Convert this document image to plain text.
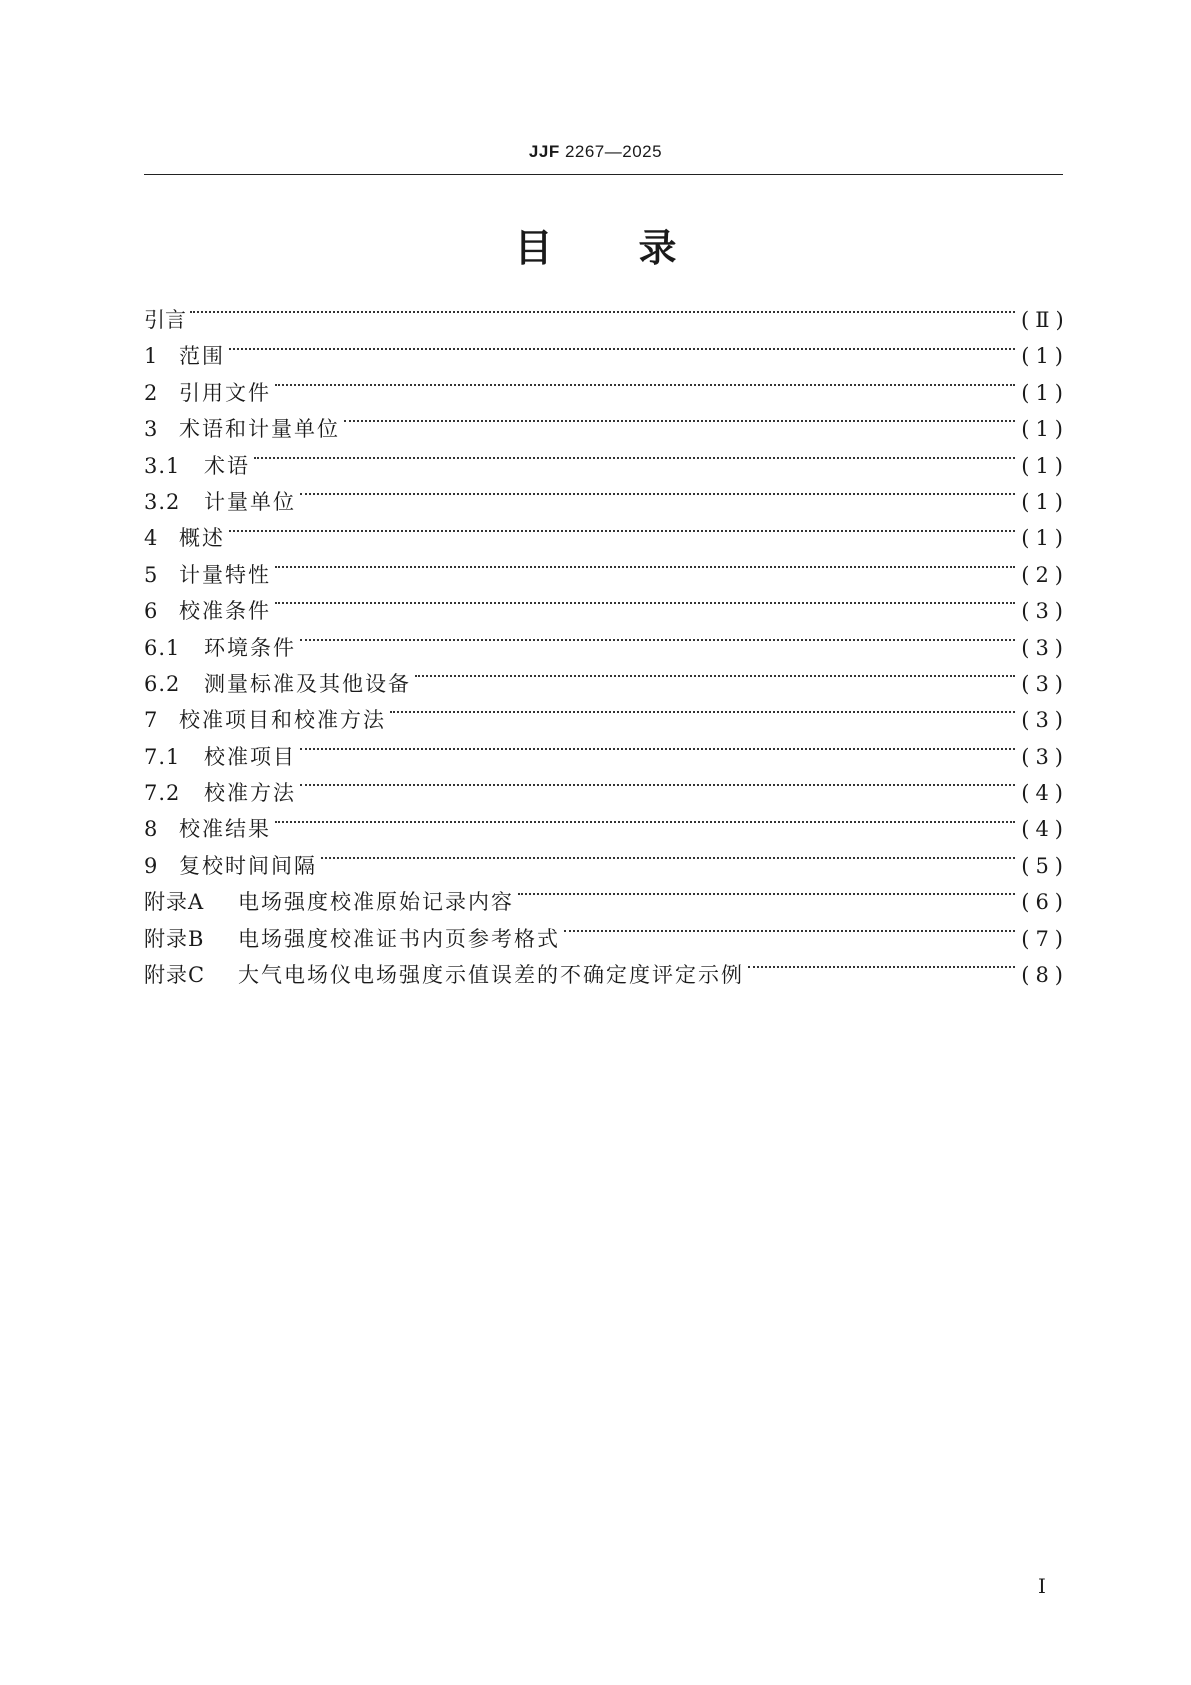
JJF 2267—2025
目 录
引言	(Ⅱ)
1 范围	(1)
2 引用文件	(1)
3 术语和计量单位	(1)
3.1	术语	(1)
3.2	计量单位	(1)
4 概述	(1)
5 计量特性	(2)
6 校准条件	(3)
6.1	环境条件	(3)
6.2	测量标准及其他设备	(3)
7 校准项目和校准方法	(3)
7.1	校准项目	(3)
7.2	校准方法	(4)
8 校准结果	(4)
9 复校时间间隔	(5)
附录A	电场强度校准原始记录内容	(6)
附录B	电场强度校准证书内页参考格式	(7)
附录C	大气电场仪电场强度示值误差的不确定度评定示例	(8)
I
